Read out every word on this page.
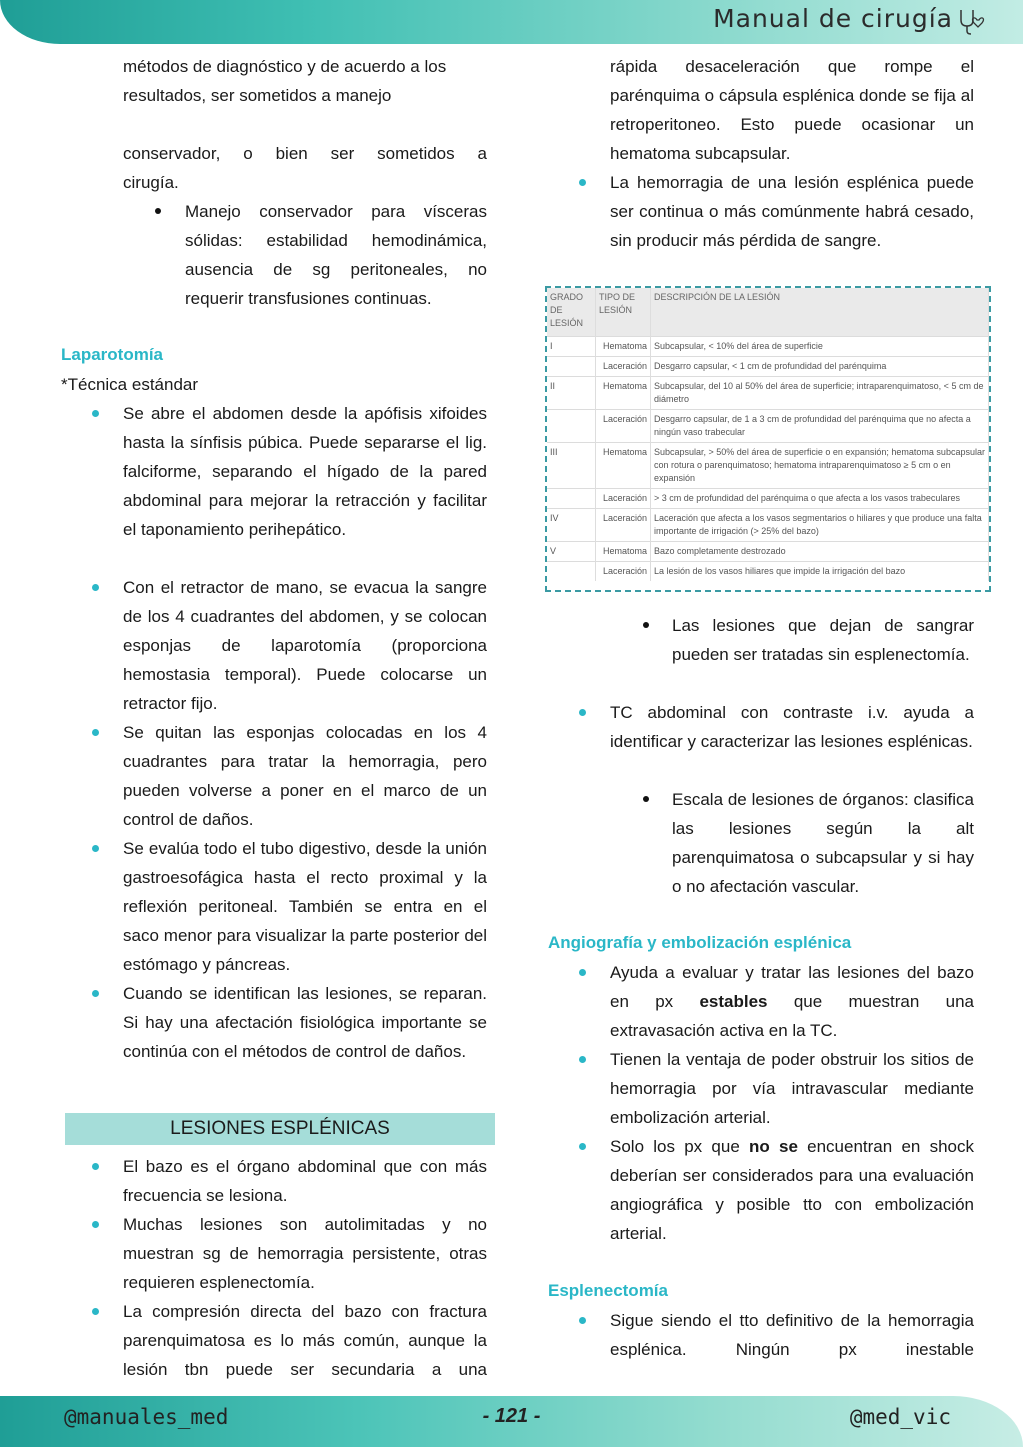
Manual de cirugía
métodos de diagnóstico y de acuerdo a los
resultados, ser sometidos a manejo
conservador, o bien ser sometidos a
cirugía.
Manejo conservador para vísceras sólidas: estabilidad hemodinámica, ausencia de sg peritoneales, no requerir transfusiones continuas.
Laparotomía
*Técnica estándar
Se abre el abdomen desde la apófisis xifoides hasta la sínfisis púbica. Puede separarse el lig. falciforme, separando el hígado de la pared abdominal para mejorar la retracción y facilitar el taponamiento perihepático.
Con el retractor de mano, se evacua la sangre de los 4 cuadrantes del abdomen, y se colocan esponjas de laparotomía (proporciona hemostasia temporal). Puede colocarse un retractor fijo.
Se quitan las esponjas colocadas en los 4 cuadrantes para tratar la hemorragia, pero pueden volverse a poner en el marco de un control de daños.
Se evalúa todo el tubo digestivo, desde la unión gastroesofágica hasta el recto proximal y la reflexión peritoneal. También se entra en el saco menor para visualizar la parte posterior del estómago y páncreas.
Cuando se identifican las lesiones, se reparan. Si hay una afectación fisiológica importante se continúa con el métodos de control de daños.
LESIONES ESPLÉNICAS
El bazo es el órgano abdominal que con más frecuencia se lesiona.
Muchas lesiones son autolimitadas y no muestran sg de hemorragia persistente, otras requieren esplenectomía.
La compresión directa del bazo con fractura parenquimatosa es lo más común, aunque la lesión tbn puede ser secundaria a una
rápida desaceleración que rompe el parénquima o cápsula esplénica donde se fija al retroperitoneo. Esto puede ocasionar un hematoma subcapsular.
La hemorragia de una lesión esplénica puede ser continua o más comúnmente habrá cesado, sin producir más pérdida de sangre.
GRADO DE LESIÓN	TIPO DE LESIÓN	DESCRIPCIÓN DE LA LESIÓN
I	Hematoma	Subcapsular, < 10% del área de superficie
	Laceración	Desgarro capsular, < 1 cm de profundidad del parénquima
II	Hematoma	Subcapsular, del 10 al 50% del área de superficie; intraparenquimatoso, < 5 cm de diámetro
	Laceración	Desgarro capsular, de 1 a 3 cm de profundidad del parénquima que no afecta a ningún vaso trabecular
III	Hematoma	Subcapsular, > 50% del área de superficie o en expansión; hematoma subcapsular con rotura o parenquimatoso; hematoma intraparenquimatoso ≥ 5 cm o en expansión
	Laceración	> 3 cm de profundidad del parénquima o que afecta a los vasos trabeculares
IV	Laceración	Laceración que afecta a los vasos segmentarios o hiliares y que produce una falta importante de irrigación (> 25% del bazo)
V	Hematoma	Bazo completamente destrozado
	Laceración	La lesión de los vasos hiliares que impide la irrigación del bazo
Las lesiones que dejan de sangrar pueden ser tratadas sin esplenectomía.
TC abdominal con contraste i.v. ayuda a identificar y caracterizar las lesiones esplénicas.
Escala de lesiones de órganos: clasifica las lesiones según la alt parenquimatosa o subcapsular y si hay o no afectación vascular.
Angiografía y embolización esplénica
Ayuda a evaluar y tratar las lesiones del bazo en px estables que muestran una extravasación activa en la TC.
Tienen la ventaja de poder obstruir los sitios de hemorragia por vía intravascular mediante embolización arterial.
Solo los px que no se encuentran en shock deberían ser considerados para una evaluación angiográfica y posible tto con embolización arterial.
Esplenectomía
Sigue siendo el tto definitivo de la hemorragia esplénica. Ningún px inestable
@manuales_med	- 121 -	@med_vic
